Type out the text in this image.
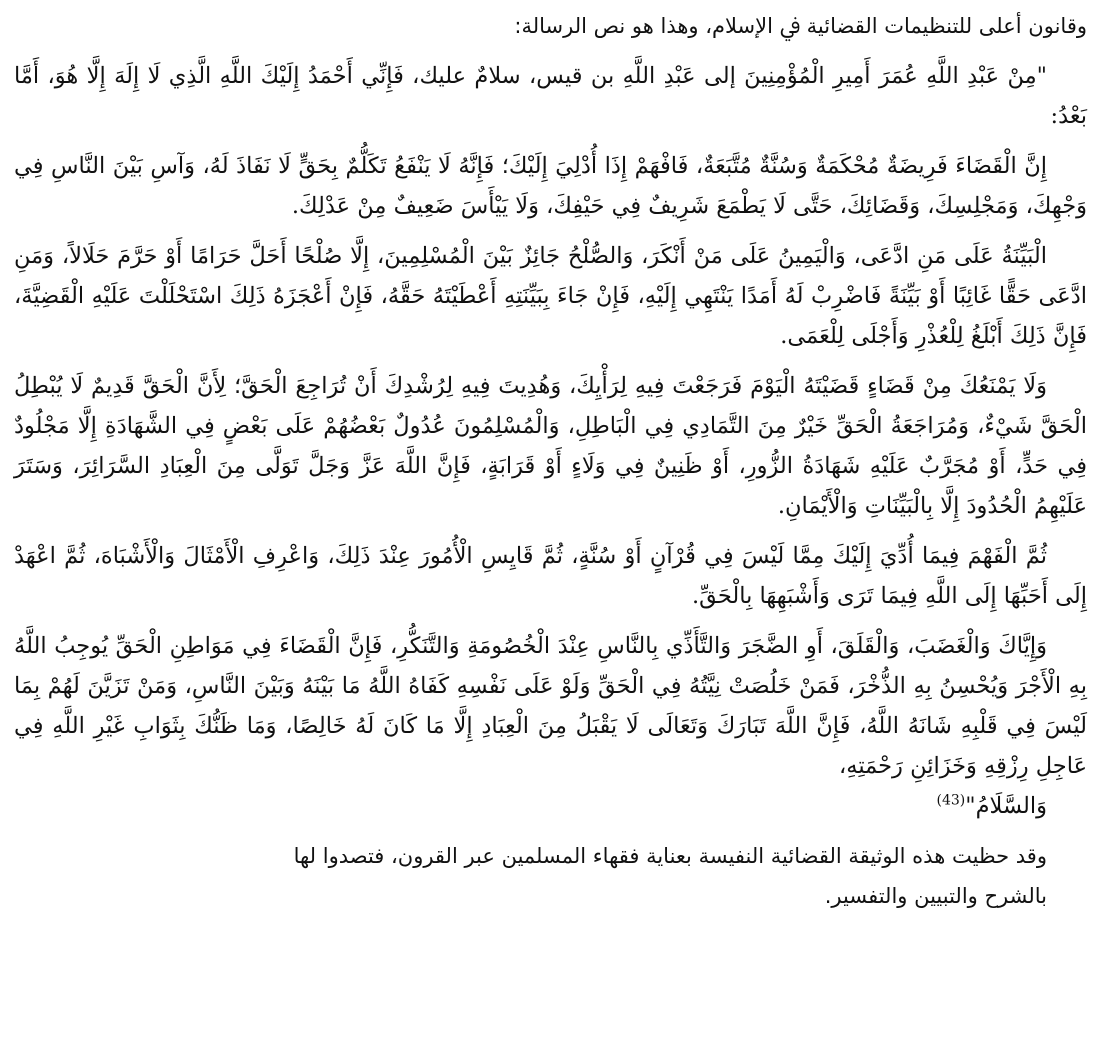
وقانون أعلى للتنظيمات القضائية ﰲ الإسلام، وهذا هو نص الرسالة:

"مِنْ عَبْدِ اللَّهِ عُمَرَ أَمِيرِ الْمُؤْمِنِينَ إلى عَبْدِ اللَّهِ بن قيس، سلامٌ عليك، فَإِنِّي أَحْمَدُ إِلَيْكَ اللَّهِ الَّذِي لَا إِلَهَ إِلَّا هُوَ، أَمَّا بَعْدُ:

إِنَّ الْقَضَاءَ فَرِيضَةٌ مُحْكَمَةٌ وَسُنَّةٌ مُتَّبَعَةٌ، فَافْهَمْ إِذَا أُدْلِيَ إِلَيْكَ؛ فَإِنَّهُ لَا يَنْفَعُ تَكَلُّمٌ بِحَقٍّ لَا نَفَاذَ لَهُ، وَآسِ بَيْنَ النَّاسِ فِي وَجْهِكَ، وَمَجْلِسِكَ، وَقَضَائِكَ، حَتَّى لَا يَطْمَعَ شَرِيفٌ فِي حَيْفِكَ، وَلَا يَيْأَسَ ضَعِيفٌ مِنْ عَدْلِكَ.

الْبَيِّنَةُ عَلَى مَنِ ادَّعَى، وَالْيَمِينُ عَلَى مَنْ أَنْكَرَ، وَالصُّلْحُ جَائِزٌ بَيْنَ الْمُسْلِمِينَ، إِلَّا صُلْحًا أَحَلَّ حَرَامًا أَوْ حَرَّمَ حَلَالاً، وَمَنِ ادَّعَى حَقًّا غَائِبًا أَوْ بَيِّنَةً فَاضْرِبْ لَهُ أَمَدًا يَنْتَهِي إِلَيْهِ، فَإِنْ جَاءَ بِبَيِّنَتِهِ أَعْطَيْتَهُ حَقَّهُ، فَإِنْ أَعْجَزَهُ ذَلِكَ اسْتَحْلَلْتَ عَلَيْهِ الْقَضِيَّةَ، فَإِنَّ ذَلِكَ أَبْلَغُ لِلْعُذْرِ وَأَجْلَى لِلْعَمَى.

وَلَا يَمْنَعُكَ مِنْ قَضَاءٍ قَضَيْتَهُ الْيَوْمَ فَرَجَعْتَ فِيهِ لِرَأْيِكَ، وَهُدِيتَ فِيهِ لِرُشْدِكَ أَنْ تُرَاجِعَ الْحَقَّ؛ لِأَنَّ الْحَقَّ قَدِيمٌ لَا يُبْطِلُ الْحَقَّ شَيْءٌ، وَمُرَاجَعَةُ الْحَقِّ خَيْرٌ مِنَ التَّمَادِي فِي الْبَاطِلِ، وَالْمُسْلِمُونَ عُدُولٌ بَعْضُهُمْ عَلَى بَعْضٍ فِي الشَّهَادَةِ إِلَّا مَجْلُودٌ فِي حَدٍّ، أَوْ مُجَرَّبٌ عَلَيْهِ شَهَادَةُ الزُّورِ، أَوْ ظَنِينٌ فِي وَلَاءٍ أَوْ قَرَابَةٍ، فَإِنَّ اللَّهَ عَزَّ وَجَلَّ تَوَلَّى مِنَ الْعِبَادِ السَّرَائِرَ، وَسَتَرَ عَلَيْهِمُ الْحُدُودَ إِلَّا بِالْبَيِّنَاتِ وَالْأَيْمَانِ.

ثُمَّ الْفَهْمَ فِيمَا أُدِّيَ إِلَيْكَ مِمَّا لَيْسَ فِي قُرْآنٍ أَوْ سُنَّةٍ، ثُمَّ قَايِسِ الْأُمُورَ عِنْدَ ذَلِكَ، وَاعْرِفِ الْأَمْثَالَ وَالْأَشْبَاهَ، ثُمَّ اعْهَدْ إِلَى أَحَبِّهَا إِلَى اللَّهِ فِيمَا تَرَى وَأَشْبَهِهَا بِالْحَقِّ.

وَإِيَّاكَ وَالْغَضَبَ، وَالْقَلَقَ، أَوِ الضَّجَرَ وَالتَّأَذِّي بِالنَّاسِ عِنْدَ الْخُصُومَةِ وَالتَّنَكُّرِ، فَإِنَّ الْقَضَاءَ فِي مَوَاطِنِ الْحَقِّ يُوجِبُ اللَّهُ بِهِ الْأَجْرَ وَيُحْسِنُ بِهِ الذُّخْرَ، فَمَنْ خَلُصَتْ نِيَّتُهُ فِي الْحَقِّ وَلَوْ عَلَى نَفْسِهِ كَفَاهُ اللَّهُ مَا بَيْنَهُ وَبَيْنَ النَّاسِ، وَمَنْ تَزَيَّنَ لَهُمْ بِمَا لَيْسَ فِي قَلْبِهِ شَانَهُ اللَّهُ، فَإِنَّ اللَّهَ تَبَارَكَ وَتَعَالَى لَا يَقْبَلُ مِنَ الْعِبَادِ إِلَّا مَا كَانَ لَهُ خَالِصًا، وَمَا ظَنُّكَ بِثَوَابِ غَيْرِ اللَّهِ فِي عَاجِلِ رِزْقِهِ وَخَزَائِنِ رَحْمَتِهِ،
وَالسَّلَامُ"$^{(43)}$

وقد حظيت هذه الوثيقة القضائية النفيسة بعناية فقهاء المسلمين عبر القرون، فتصدوا لها
بالشرح والتبيين والتفسير.
